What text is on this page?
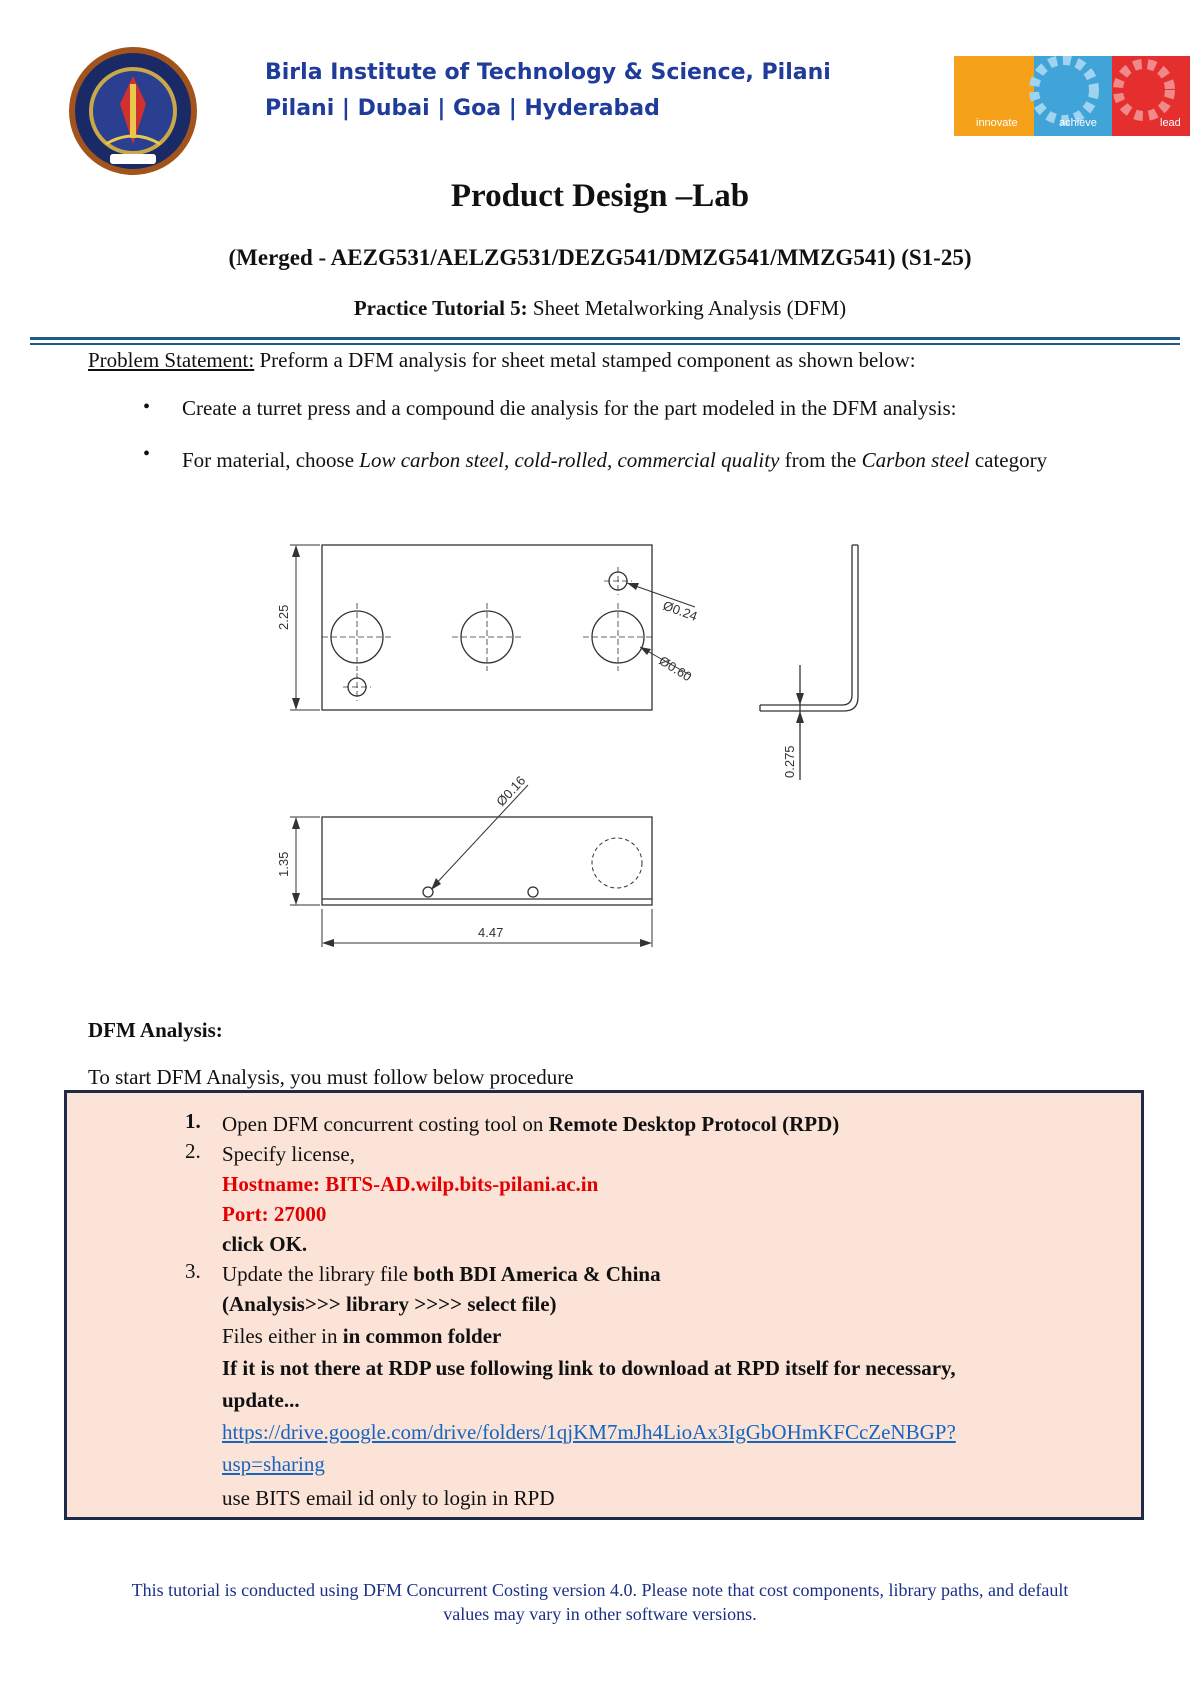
Birla Institute of Technology & Science, Pilani
Pilani | Dubai | Goa | Hyderabad
innovate	achieve	lead
Product Design –Lab
(Merged - AEZG531/AELZG531/DEZG541/DMZG541/MMZG541) (S1-25)
Practice Tutorial 5: Sheet Metalworking Analysis (DFM)
Problem Statement: Preform a DFM analysis for sheet metal stamped component as shown below:
• Create a turret press and a compound die analysis for the part modeled in the DFM analysis:
• For material, choose Low carbon steel, cold-rolled, commercial quality from the Carbon steel category
2.25	Ø0.24
Ø0.60
0.275
1.35
4.47
Ø0.16
DFM Analysis:
To start DFM Analysis, you must follow below procedure
1. Open DFM concurrent costing tool on Remote Desktop Protocol (RPD)
2. Specify license,
Hostname: BITS-AD.wilp.bits-pilani.ac.in
Port: 27000
click OK.
3. Update the library file both BDI America & China
(Analysis>>> library >>>> select file)
Files either in in common folder
If it is not there at RDP use following link to download at RPD itself for necessary,
update...
https://drive.google.com/drive/folders/1qjKM7mJh4LioAx3IgGbOHmKFCcZeNBGP?
usp=sharing
use BITS email id only to login in RPD
This tutorial is conducted using DFM Concurrent Costing version 4.0. Please note that cost components, library paths, and default
values may vary in other software versions.
